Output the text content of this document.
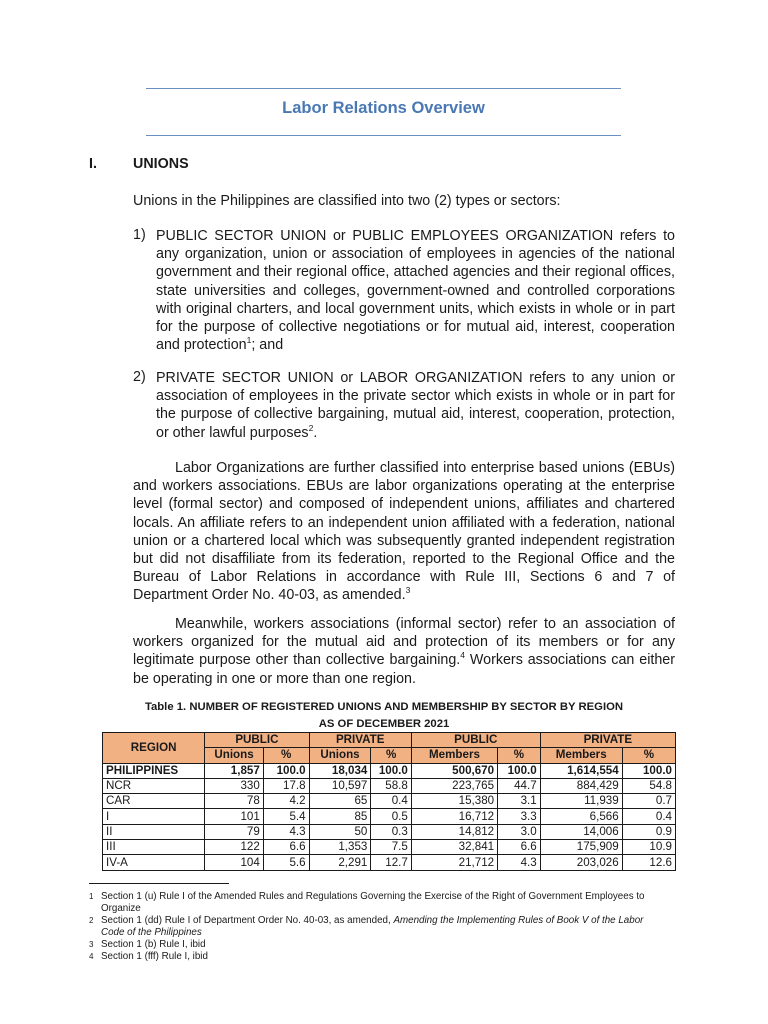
Labor Relations Overview
I.	UNIONS
Unions in the Philippines are classified into two (2) types or sectors:
1) PUBLIC SECTOR UNION or PUBLIC EMPLOYEES ORGANIZATION refers to any organization, union or association of employees in agencies of the national government and their regional office, attached agencies and their regional offices, state universities and colleges, government-owned and controlled corporations with original charters, and local government units, which exists in whole or in part for the purpose of collective negotiations or for mutual aid, interest, cooperation and protection$^1$; and
2) PRIVATE SECTOR UNION or LABOR ORGANIZATION refers to any union or association of employees in the private sector which exists in whole or in part for the purpose of collective bargaining, mutual aid, interest, cooperation, protection, or other lawful purposes$^2$.
Labor Organizations are further classified into enterprise based unions (EBUs) and workers associations. EBUs are labor organizations operating at the enterprise level (formal sector) and composed of independent unions, affiliates and chartered locals. An affiliate refers to an independent union affiliated with a federation, national union or a chartered local which was subsequently granted independent registration but did not disaffiliate from its federation, reported to the Regional Office and the Bureau of Labor Relations in accordance with Rule III, Sections 6 and 7 of Department Order No. 40-03, as amended.$^3$
Meanwhile, workers associations (informal sector) refer to an association of workers organized for the mutual aid and protection of its members or for any legitimate purpose other than collective bargaining.$^4$ Workers associations can either be operating in one or more than one region.
Table 1. NUMBER OF REGISTERED UNIONS AND MEMBERSHIP BY SECTOR BY REGION
AS OF DECEMBER 2021
REGION	PUBLIC		PRIVATE		PUBLIC		PRIVATE	
	Unions	%	Unions	%	Members	%	Members	%
PHILIPPINES	1,857	100.0	18,034	100.0	500,670	100.0	1,614,554	100.0
NCR	330	17.8	10,597	58.8	223,765	44.7	884,429	54.8
CAR	78	4.2	65	0.4	15,380	3.1	11,939	0.7
I	101	5.4	85	0.5	16,712	3.3	6,566	0.4
II	79	4.3	50	0.3	14,812	3.0	14,006	0.9
III	122	6.6	1,353	7.5	32,841	6.6	175,909	10.9
IV-A	104	5.6	2,291	12.7	21,712	4.3	203,026	12.6
1 Section 1 (u) Rule I of the Amended Rules and Regulations Governing the Exercise of the Right of Government Employees to
Organize
2 Section 1 (dd) Rule I of Department Order No. 40-03, as amended, Amending the Implementing Rules of Book V of the Labor
Code of the Philippines
3 Section 1 (b) Rule I, ibid
4 Section 1 (fff) Rule I, ibid
